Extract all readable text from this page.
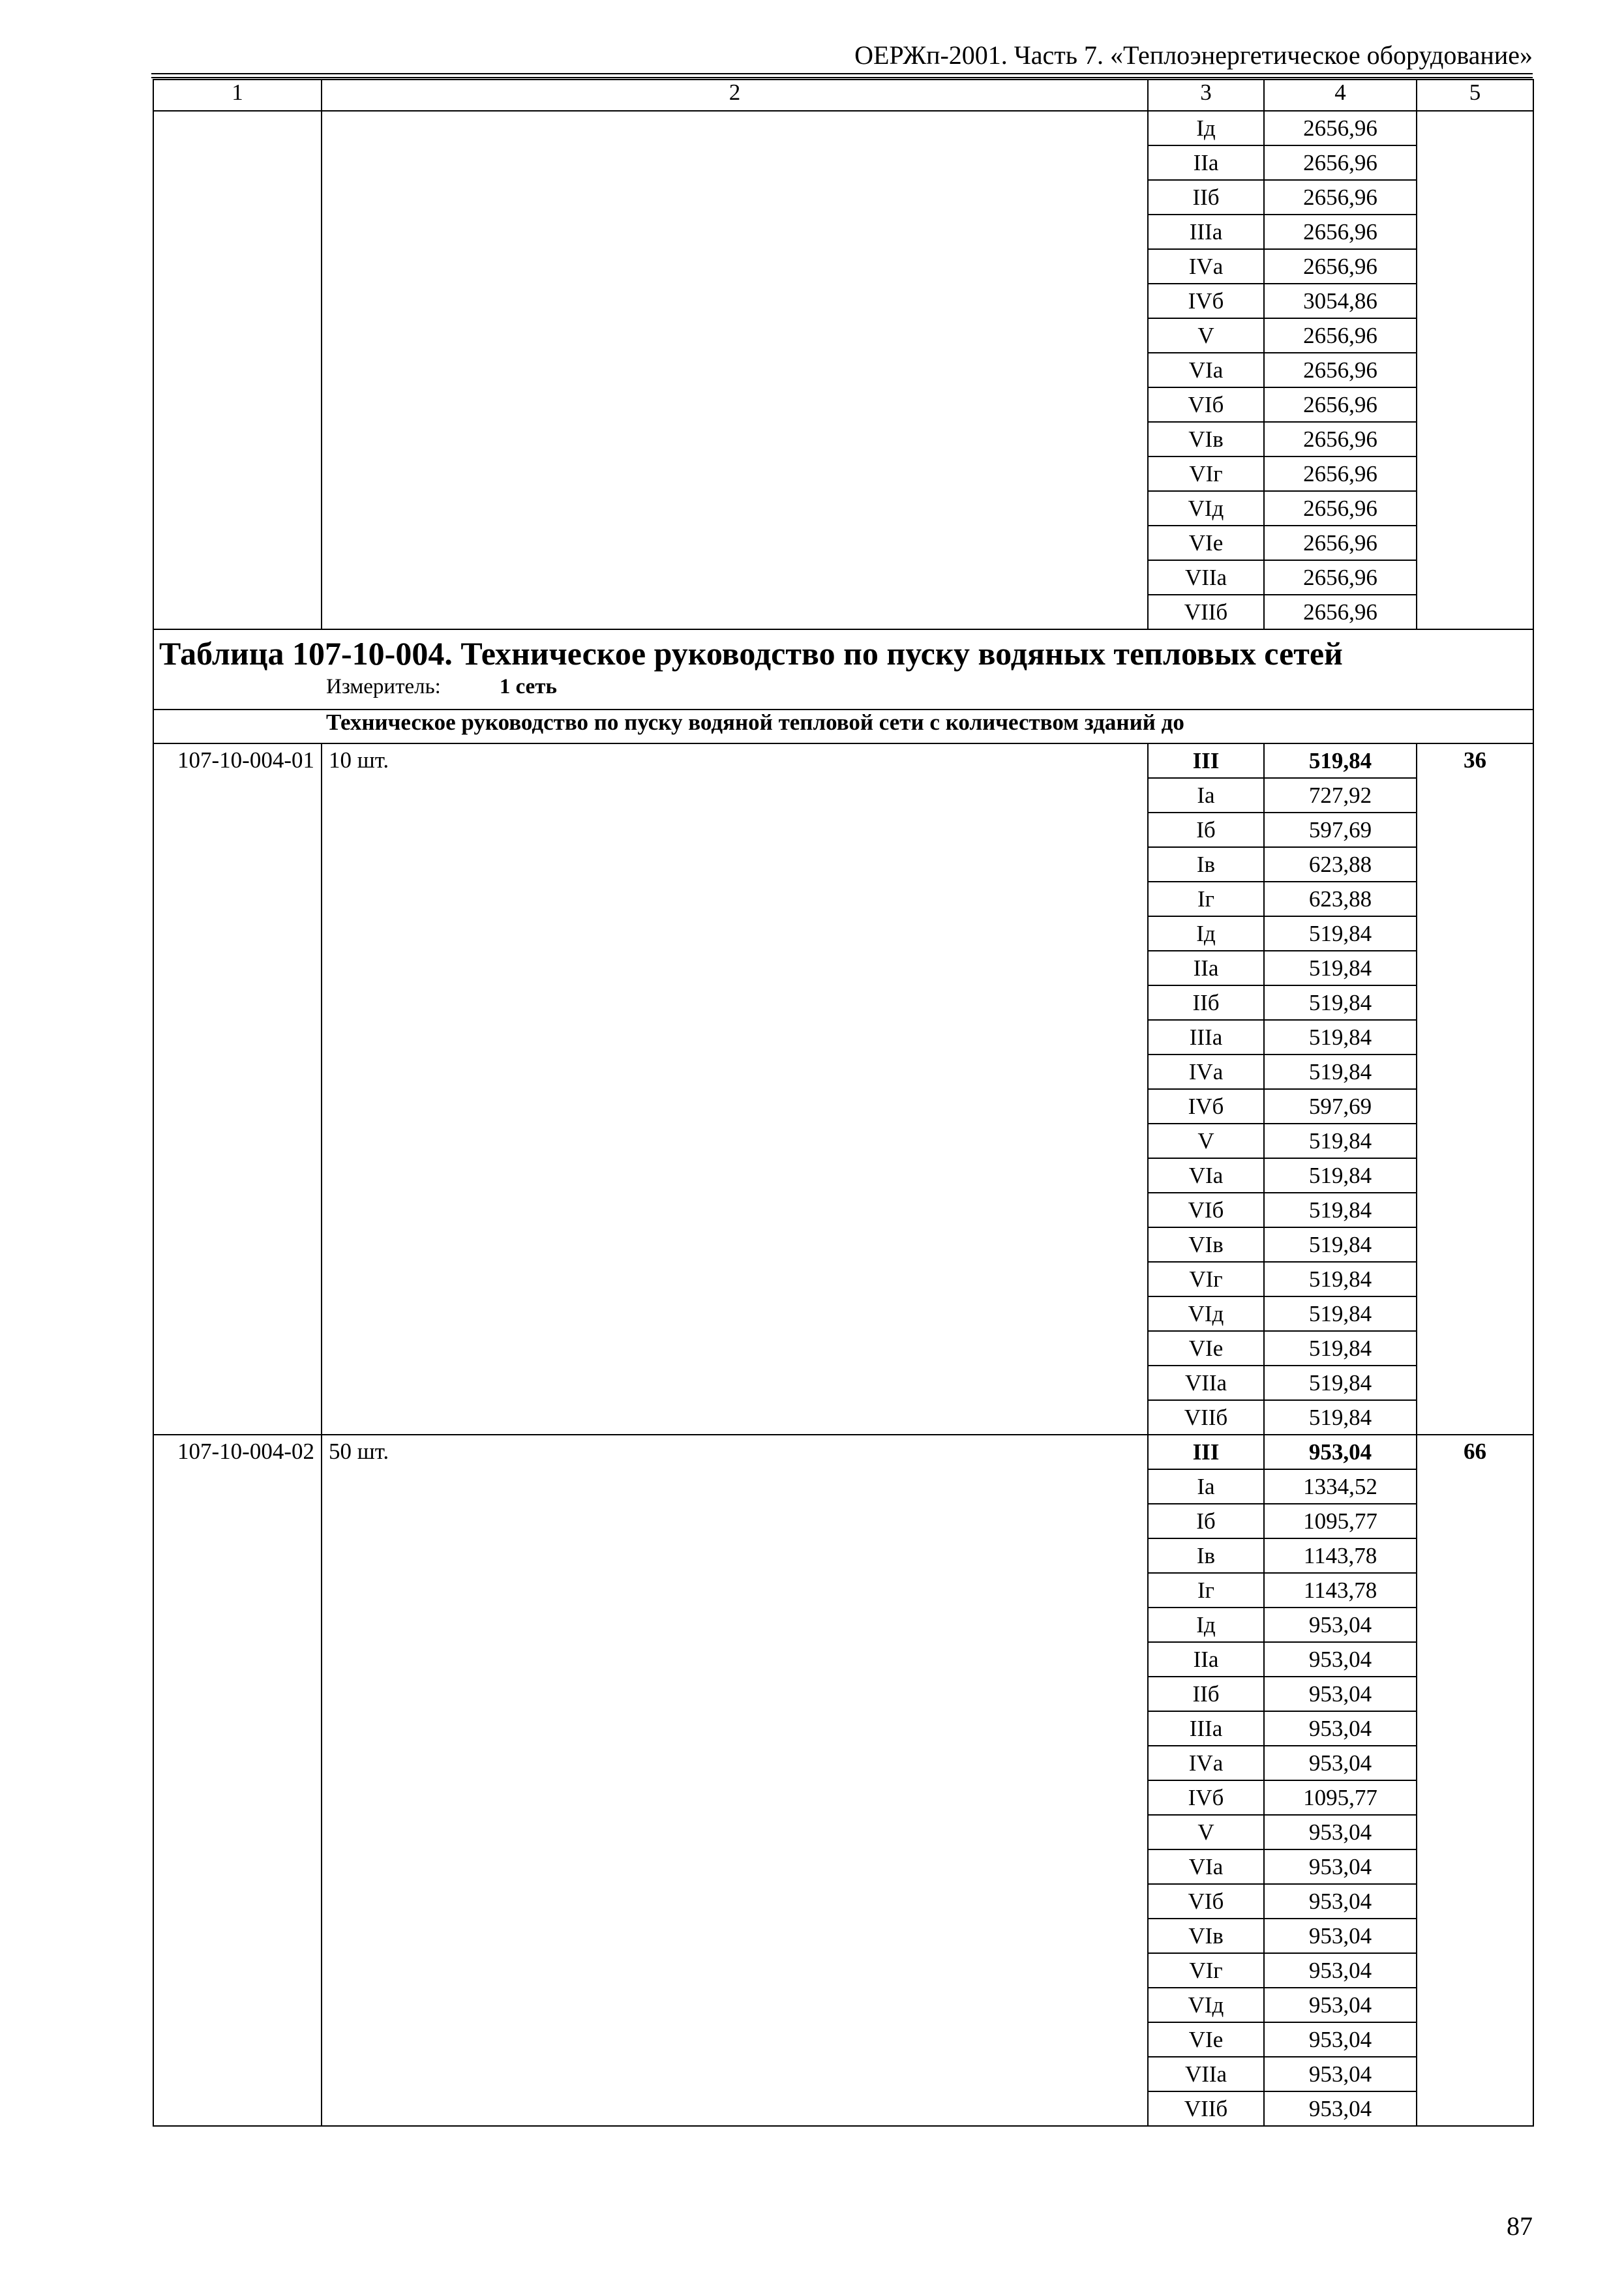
ОЕРЖп-2001. Часть 7. «Теплоэнергетическое оборудование»
1	2	3	4	5
		Iд	2656,96	
		IIа	2656,96	
		IIб	2656,96	
		IIIа	2656,96	
		IVа	2656,96	
		IVб	3054,86	
		V	2656,96	
		VIа	2656,96	
		VIб	2656,96	
		VIв	2656,96	
		VIг	2656,96	
		VIд	2656,96	
		VIе	2656,96	
		VIIа	2656,96	
		VIIб	2656,96	

Таблица 107-10-004. Техническое руководство по пуску водяных тепловых сетей
Измеритель: 1 сеть				

Техническое руководство по пуску водяной тепловой сети с количеством зданий до				
107-10-004-01	10 шт.	III	519,84	36
		Iа	727,92	
		Iб	597,69	
		Iв	623,88	
		Iг	623,88	
		Iд	519,84	
		IIа	519,84	
		IIб	519,84	
		IIIа	519,84	
		IVа	519,84	
		IVб	597,69	
		V	519,84	
		VIа	519,84	
		VIб	519,84	
		VIв	519,84	
		VIг	519,84	
		VIд	519,84	
		VIе	519,84	
		VIIа	519,84	
		VIIб	519,84	
107-10-004-02	50 шт.	III	953,04	66
		Iа	1334,52	
		Iб	1095,77	
		Iв	1143,78	
		Iг	1143,78	
		Iд	953,04	
		IIа	953,04	
		IIб	953,04	
		IIIа	953,04	
		IVа	953,04	
		IVб	1095,77	
		V	953,04	
		VIа	953,04	
		VIб	953,04	
		VIв	953,04	
		VIг	953,04	
		VIд	953,04	
		VIе	953,04	
		VIIа	953,04	
		VIIб	953,04	
87
